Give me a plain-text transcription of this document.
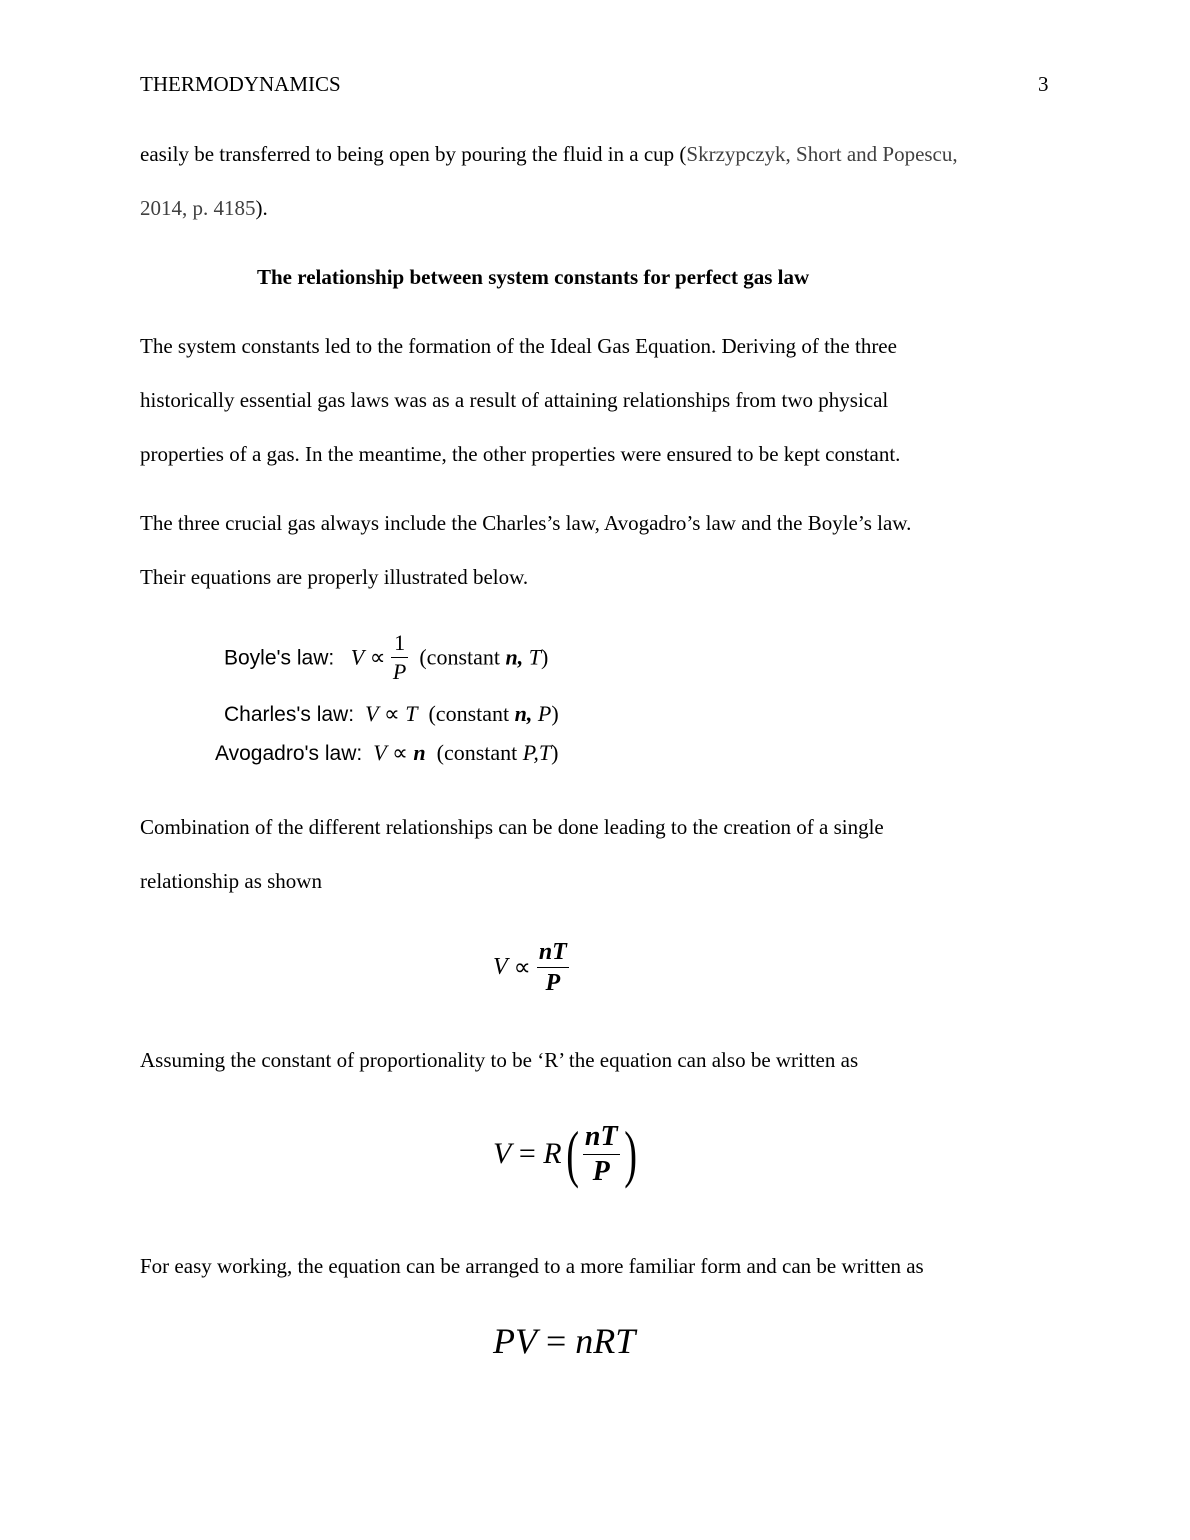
THERMODYNAMICS	3
easily be transferred to being open by pouring the fluid in a cup (Skrzypczyk, Short and Popescu,
2014, p. 4185).
The relationship between system constants for perfect gas law
The system constants led to the formation of the Ideal Gas Equation. Deriving of the three
historically essential gas laws was as a result of attaining relationships from two physical
properties of a gas. In the meantime, the other properties were ensured to be kept constant.
The three crucial gas always include the Charles’s law, Avogadro’s law and the Boyle’s law.
Their equations are properly illustrated below.
Boyle's law: $V \propto \frac{1}{P}$ (constant n, T)
Charles's law: V ∝ T (constant n, P)
Avogadro's law: V ∝ n (constant P,T)
Combination of the different relationships can be done leading to the creation of a single
relationship as shown
$V \propto \frac{nT}{P}$
Assuming the constant of proportionality to be ‘R’ the equation can also be written as
$V = R( \frac{nT}{P}$ )
For easy working, the equation can be arranged to a more familiar form and can be written as
PV = nRT
